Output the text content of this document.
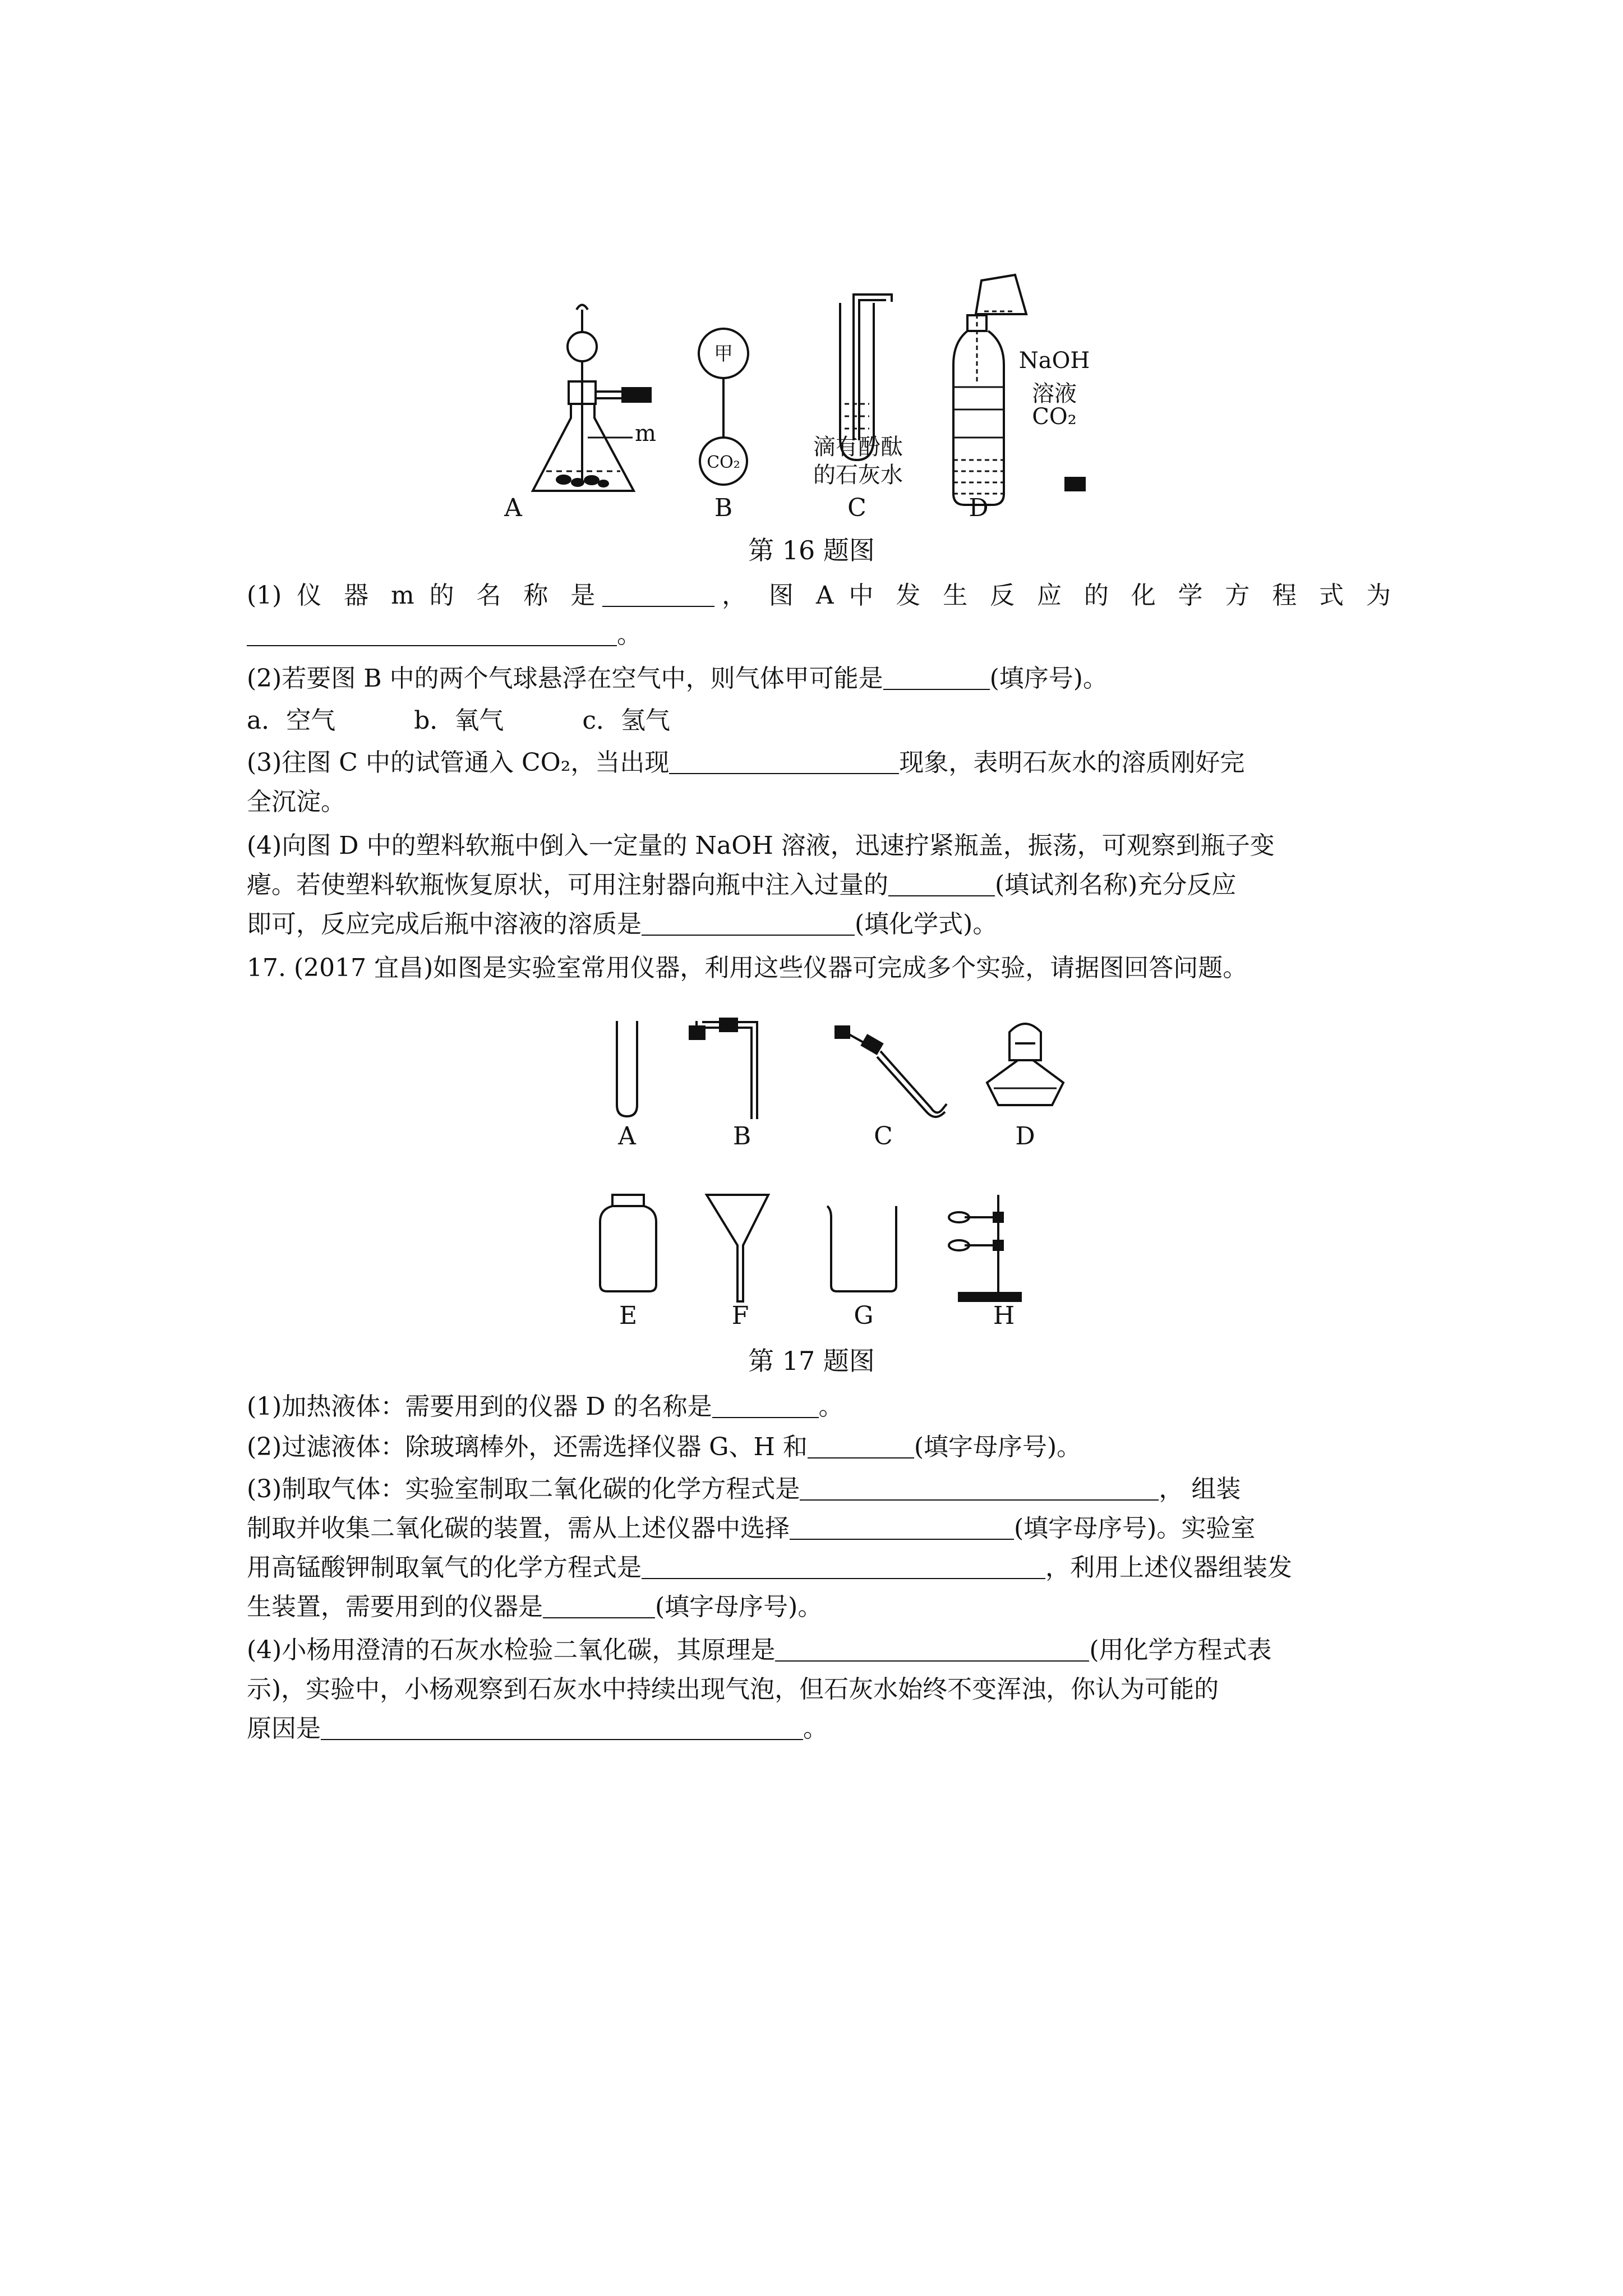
m
甲
CO₂
A	B	C	D
滴有酚酞
的石灰水
NaOH
溶液
CO₂
第 16 题图
(1) 仪 器 m 的 名 称 是	， 图 A 中 发 生 反 应 的 化 学 方 程 式 为
。
(2)若要图 B 中的两个气球悬浮在空气中，则气体甲可能是	(填序号)。
a．空气	b．氧气	c．氢气
(3)往图 C 中的试管通入 CO₂，当出现	现象，表明石灰水的溶质刚好完
全沉淀。
(4)向图 D 中的塑料软瓶中倒入一定量的 NaOH 溶液，迅速拧紧瓶盖，振荡，可观察到瓶子变
瘪。若使塑料软瓶恢复原状，可用注射器向瓶中注入过量的	(填试剂名称)充分反应
即可，反应完成后瓶中溶液的溶质是	(填化学式)。
17. (2017 宜昌)如图是实验室常用仪器，利用这些仪器可完成多个实验，请据图回答问题。
A	B	C	D
E	F	G	H
第 17 题图
(1)加热液体：需要用到的仪器 D 的名称是	。
(2)过滤液体：除玻璃棒外，还需选择仪器 G、H 和	(填字母序号)。
(3)制取气体：实验室制取二氧化碳的化学方程式是	， 组装
制取并收集二氧化碳的装置，需从上述仪器中选择	(填字母序号)。实验室
用高锰酸钾制取氧气的化学方程式是	，利用上述仪器组装发
生装置，需要用到的仪器是	(填字母序号)。
(4)小杨用澄清的石灰水检验二氧化碳，其原理是	(用化学方程式表
示)，实验中，小杨观察到石灰水中持续出现气泡，但石灰水始终不变浑浊，你认为可能的
原因是	。
